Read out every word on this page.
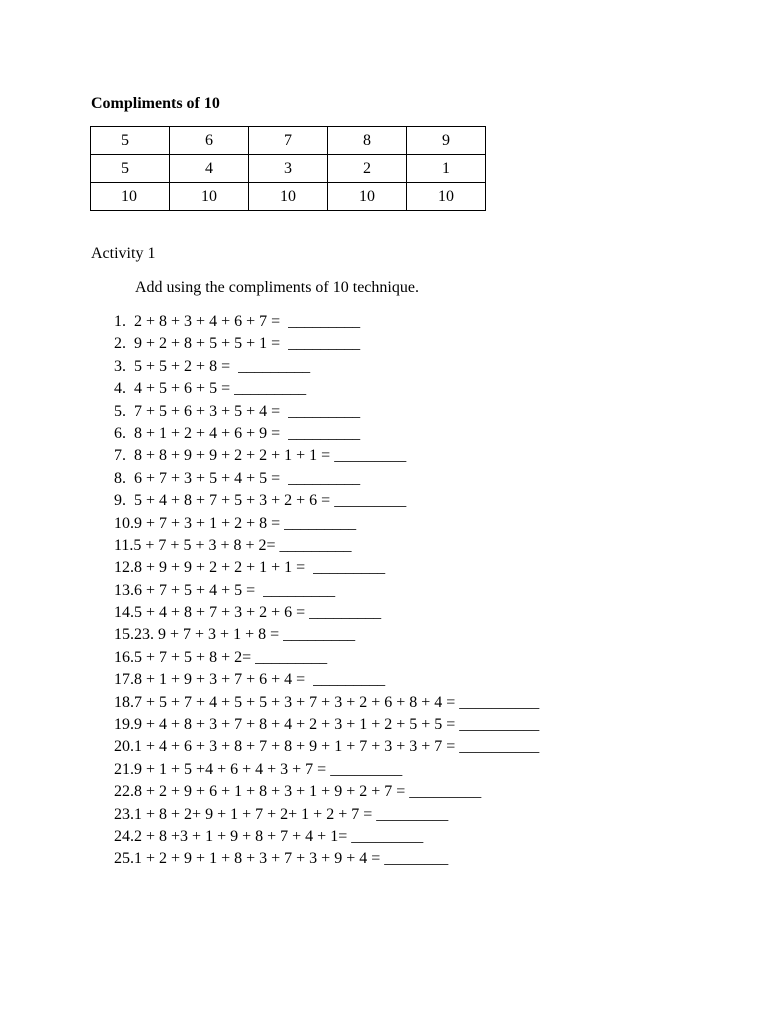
Compliments of 10
5	6	7	8	9
5	4	3	2	1
10	10	10	10	10
Activity 1
Add using the compliments of 10 technique.
1.  2 + 8 + 3 + 4 + 6 + 7 =  _________
2.  9 + 2 + 8 + 5 + 5 + 1 =  _________
3.  5 + 5 + 2 + 8 =  _________
4.  4 + 5 + 6 + 5 = _________
5.  7 + 5 + 6 + 3 + 5 + 4 =  _________
6.  8 + 1 + 2 + 4 + 6 + 9 =  _________
7.  8 + 8 + 9 + 9 + 2 + 2 + 1 + 1 = _________
8.  6 + 7 + 3 + 5 + 4 + 5 =  _________
9.  5 + 4 + 8 + 7 + 5 + 3 + 2 + 6 = _________
10.9 + 7 + 3 + 1 + 2 + 8 = _________
11.5 + 7 + 5 + 3 + 8 + 2= _________
12.8 + 9 + 9 + 2 + 2 + 1 + 1 =  _________
13.6 + 7 + 5 + 4 + 5 =  _________
14.5 + 4 + 8 + 7 + 3 + 2 + 6 = _________
15.23. 9 + 7 + 3 + 1 + 8 = _________
16.5 + 7 + 5 + 8 + 2= _________
17.8 + 1 + 9 + 3 + 7 + 6 + 4 =  _________
18.7 + 5 + 7 + 4 + 5 + 5 + 3 + 7 + 3 + 2 + 6 + 8 + 4 = __________
19.9 + 4 + 8 + 3 + 7 + 8 + 4 + 2 + 3 + 1 + 2 + 5 + 5 = __________
20.1 + 4 + 6 + 3 + 8 + 7 + 8 + 9 + 1 + 7 + 3 + 3 + 7 = __________
21.9 + 1 + 5 +4 + 6 + 4 + 3 + 7 = _________
22.8 + 2 + 9 + 6 + 1 + 8 + 3 + 1 + 9 + 2 + 7 = _________
23.1 + 8 + 2+ 9 + 1 + 7 + 2+ 1 + 2 + 7 = _________
24.2 + 8 +3 + 1 + 9 + 8 + 7 + 4 + 1= _________
25.1 + 2 + 9 + 1 + 8 + 3 + 7 + 3 + 9 + 4 = ________
